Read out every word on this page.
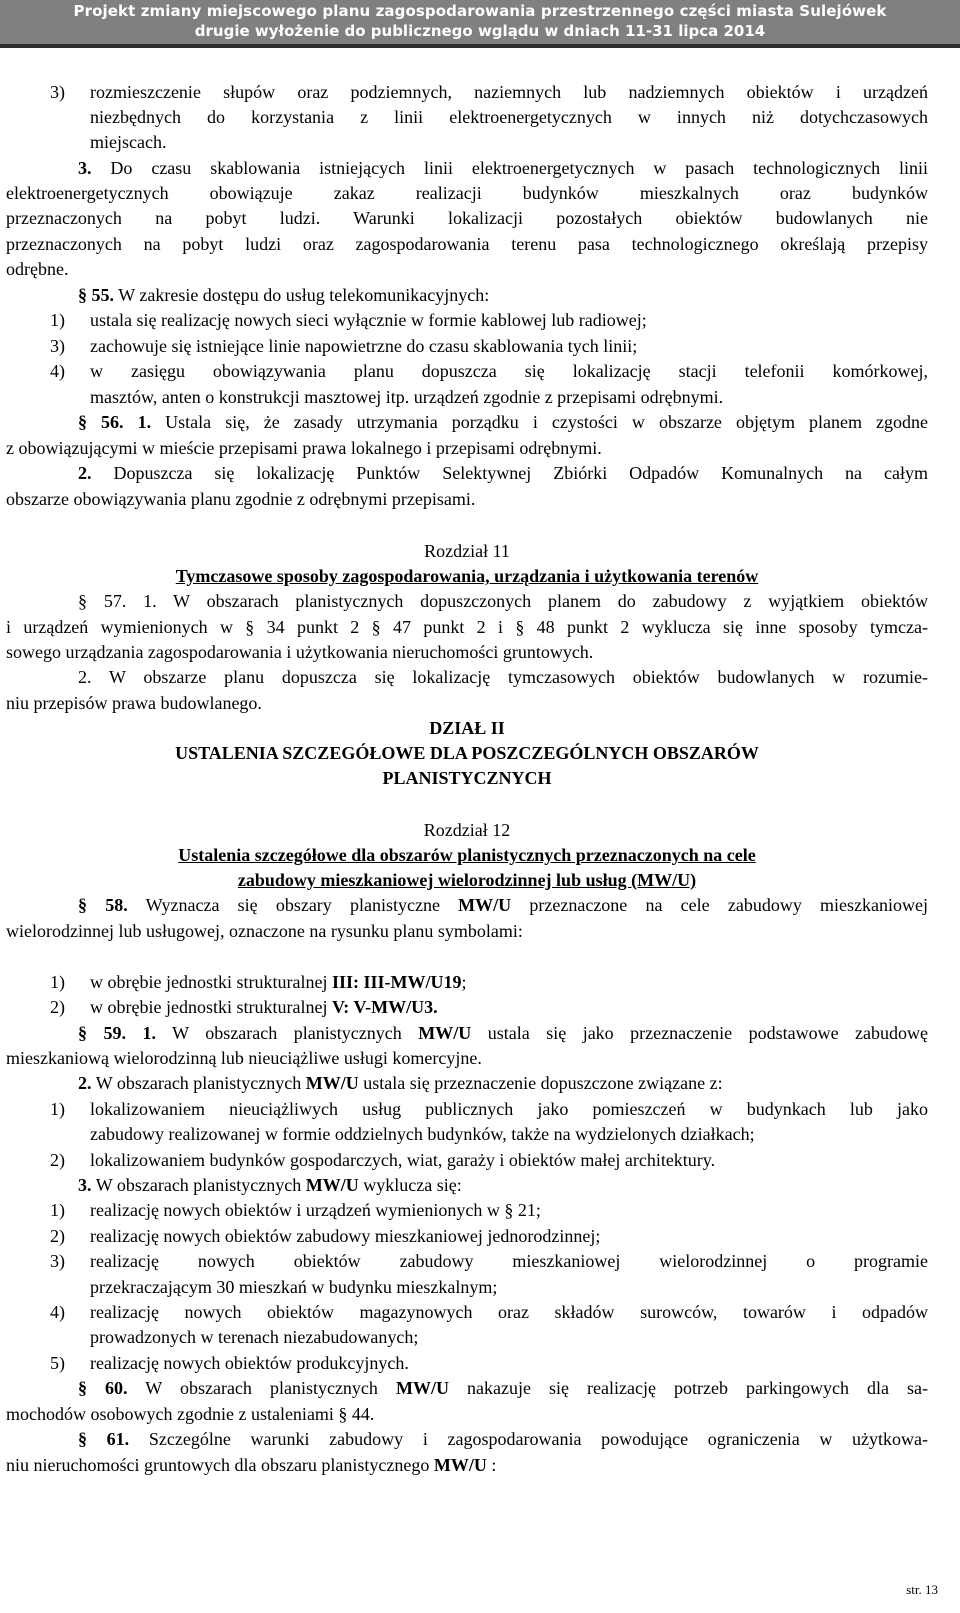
Projekt zmiany miejscowego planu zagospodarowania przestrzennego części miasta Sulejówek
drugie wyłożenie do publicznego wglądu w dniach 11-31 lipca 2014
3) rozmieszczenie słupów oraz podziemnych, naziemnych lub nadziemnych obiektów i urządzeń
niezbędnych do korzystania z linii elektroenergetycznych w innych niż dotychczasowych
miejscach.
3. Do czasu skablowania istniejących linii elektroenergetycznych w pasach technologicznych linii
elektroenergetycznych obowiązuje zakaz realizacji budynków mieszkalnych oraz budynków
przeznaczonych na pobyt ludzi. Warunki lokalizacji pozostałych obiektów budowlanych nie
przeznaczonych na pobyt ludzi oraz zagospodarowania terenu pasa technologicznego określają przepisy
odrębne.
§ 55. W zakresie dostępu do usług telekomunikacyjnych:
1) ustala się realizację nowych sieci wyłącznie w formie kablowej lub radiowej;
3) zachowuje się istniejące linie napowietrzne do czasu skablowania tych linii;
4) w zasięgu obowiązywania planu dopuszcza się lokalizację stacji telefonii komórkowej,
masztów, anten o konstrukcji masztowej itp. urządzeń zgodnie z przepisami odrębnymi.
§ 56. 1. Ustala się, że zasady utrzymania porządku i czystości w obszarze objętym planem zgodne
z obowiązującymi w mieście przepisami prawa lokalnego i przepisami odrębnymi.
2. Dopuszcza się lokalizację Punktów Selektywnej Zbiórki Odpadów Komunalnych na całym
obszarze obowiązywania planu zgodnie z odrębnymi przepisami.
Rozdział 11
Tymczasowe sposoby zagospodarowania, urządzania i użytkowania terenów
§ 57. 1. W obszarach planistycznych dopuszczonych planem do zabudowy z wyjątkiem obiektów
i urządzeń wymienionych w § 34 punkt 2 § 47 punkt 2 i § 48 punkt 2 wyklucza się inne sposoby tymcza-
sowego urządzania zagospodarowania i użytkowania nieruchomości gruntowych.
2. W obszarze planu dopuszcza się lokalizację tymczasowych obiektów budowlanych w rozumie-
niu przepisów prawa budowlanego.
DZIAŁ II
USTALENIA SZCZEGÓŁOWE DLA POSZCZEGÓLNYCH OBSZARÓW
PLANISTYCZNYCH
Rozdział 12
Ustalenia szczegółowe dla obszarów planistycznych przeznaczonych na cele
zabudowy mieszkaniowej wielorodzinnej lub usług (MW/U)
§ 58. Wyznacza się obszary planistyczne MW/U przeznaczone na cele zabudowy mieszkaniowej
wielorodzinnej lub usługowej, oznaczone na rysunku planu symbolami:
1) w obrębie jednostki strukturalnej III: III-MW/U19;
2) w obrębie jednostki strukturalnej V: V-MW/U3.
§ 59. 1. W obszarach planistycznych MW/U ustala się jako przeznaczenie podstawowe zabudowę
mieszkaniową wielorodzinną lub nieuciążliwe usługi komercyjne.
2. W obszarach planistycznych MW/U ustala się przeznaczenie dopuszczone związane z:
1) lokalizowaniem nieuciążliwych usług publicznych jako pomieszczeń w budynkach lub jako
zabudowy realizowanej w formie oddzielnych budynków, także na wydzielonych działkach;
2) lokalizowaniem budynków gospodarczych, wiat, garaży i obiektów małej architektury.
3. W obszarach planistycznych MW/U wyklucza się:
1) realizację nowych obiektów i urządzeń wymienionych w § 21;
2) realizację nowych obiektów zabudowy mieszkaniowej jednorodzinnej;
3) realizację nowych obiektów zabudowy mieszkaniowej wielorodzinnej o programie
przekraczającym 30 mieszkań w budynku mieszkalnym;
4) realizację nowych obiektów magazynowych oraz składów surowców, towarów i odpadów
prowadzonych w terenach niezabudowanych;
5) realizację nowych obiektów produkcyjnych.
§ 60. W obszarach planistycznych MW/U nakazuje się realizację potrzeb parkingowych dla sa-
mochodów osobowych zgodnie z ustaleniami § 44.
§ 61. Szczególne warunki zabudowy i zagospodarowania powodujące ograniczenia w użytkowa-
niu nieruchomości gruntowych dla obszaru planistycznego MW/U :
str. 13
